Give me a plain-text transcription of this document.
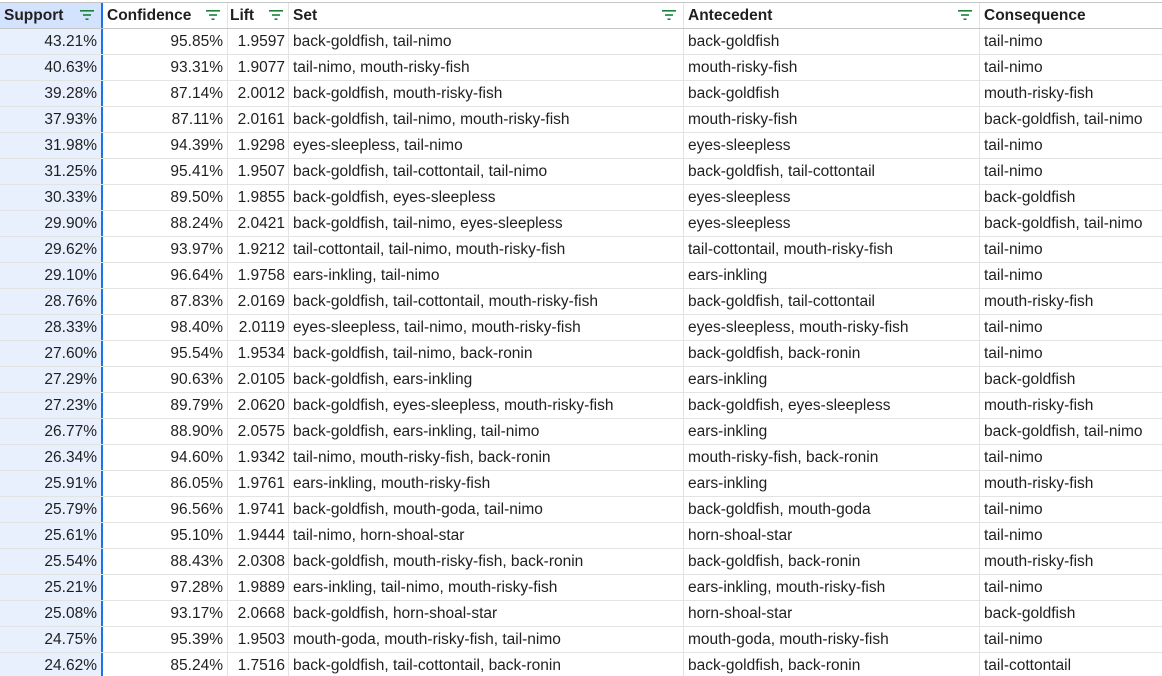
Support	Confidence	Lift	Set	Antecedent	Consequence
43.21%	95.85% 1.9597 back-goldfish, tail-nimo	back-goldfish	tail-nimo
40.63%	93.31% 1.9077 tail-nimo, mouth-risky-fish	mouth-risky-fish	tail-nimo
39.28%	87.14% 2.0012 back-goldfish, mouth-risky-fish	back-goldfish	mouth-risky-fish
37.93%	87.11% 2.0161 back-goldfish, tail-nimo, mouth-risky-fish	mouth-risky-fish	back-goldfish, tail-nimo
31.98%	94.39% 1.9298 eyes-sleepless, tail-nimo	eyes-sleepless	tail-nimo
31.25%	95.41% 1.9507 back-goldfish, tail-cottontail, tail-nimo	back-goldfish, tail-cottontail	tail-nimo
30.33%	89.50% 1.9855 back-goldfish, eyes-sleepless	eyes-sleepless	back-goldfish
29.90%	88.24% 2.0421 back-goldfish, tail-nimo, eyes-sleepless	eyes-sleepless	back-goldfish, tail-nimo
29.62%	93.97% 1.9212 tail-cottontail, tail-nimo, mouth-risky-fish	tail-cottontail, mouth-risky-fish	tail-nimo
29.10%	96.64% 1.9758 ears-inkling, tail-nimo	ears-inkling	tail-nimo
28.76%	87.83% 2.0169 back-goldfish, tail-cottontail, mouth-risky-fish	back-goldfish, tail-cottontail	mouth-risky-fish
28.33%	98.40%	2.0119 eyes-sleepless, tail-nimo, mouth-risky-fish	eyes-sleepless, mouth-risky-fish	tail-nimo
27.60%	95.54% 1.9534 back-goldfish, tail-nimo, back-ronin	back-goldfish, back-ronin	tail-nimo
27.29%	90.63% 2.0105 back-goldfish, ears-inkling	ears-inkling	back-goldfish
27.23%	89.79% 2.0620 back-goldfish, eyes-sleepless, mouth-risky-fish	back-goldfish, eyes-sleepless	mouth-risky-fish
26.77%	88.90% 2.0575 back-goldfish, ears-inkling, tail-nimo	ears-inkling	back-goldfish, tail-nimo
26.34%	94.60% 1.9342 tail-nimo, mouth-risky-fish, back-ronin	mouth-risky-fish, back-ronin	tail-nimo
25.91%	86.05% 1.9761 ears-inkling, mouth-risky-fish	ears-inkling	mouth-risky-fish
25.79%	96.56% 1.9741 back-goldfish, mouth-goda, tail-nimo	back-goldfish, mouth-goda	tail-nimo
25.61%	95.10% 1.9444 tail-nimo, horn-shoal-star	horn-shoal-star	tail-nimo
25.54%	88.43% 2.0308 back-goldfish, mouth-risky-fish, back-ronin	back-goldfish, back-ronin	mouth-risky-fish
25.21%	97.28% 1.9889 ears-inkling, tail-nimo, mouth-risky-fish	ears-inkling, mouth-risky-fish	tail-nimo
25.08%	93.17% 2.0668 back-goldfish, horn-shoal-star	horn-shoal-star	back-goldfish
24.75%	95.39% 1.9503 mouth-goda, mouth-risky-fish, tail-nimo	mouth-goda, mouth-risky-fish	tail-nimo
24.62%	85.24% 1.7516 back-goldfish, tail-cottontail, back-ronin	back-goldfish, back-ronin	tail-cottontail
